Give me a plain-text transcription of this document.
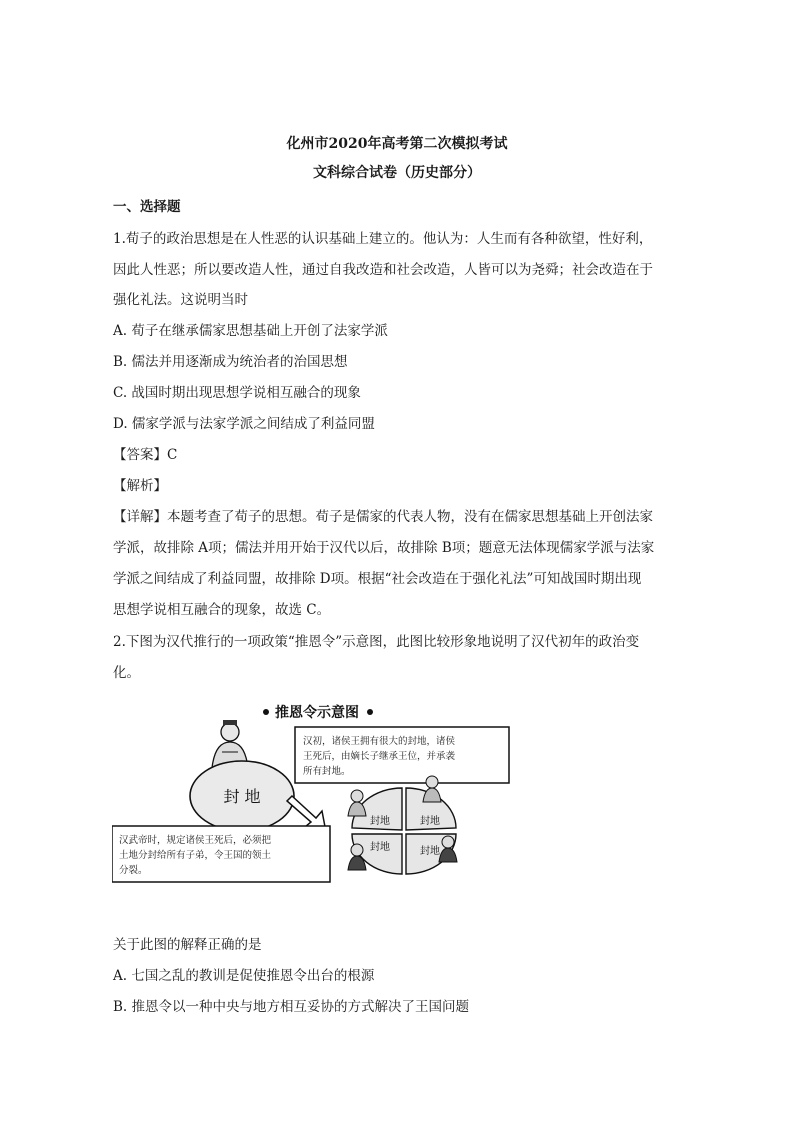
化州市2020年高考第二次模拟考试
文科综合试卷（历史部分）
一、选择题
1.荀子的政治思想是在人性恶的认识基础上建立的。他认为：人生而有各种欲望，性好利，
因此人性恶；所以要改造人性，通过自我改造和社会改造，人皆可以为尧舜；社会改造在于
强化礼法。这说明当时
A. 荀子在继承儒家思想基础上开创了法家学派
B. 儒法并用逐渐成为统治者的治国思想
C. 战国时期出现思想学说相互融合的现象
D. 儒家学派与法家学派之间结成了利益同盟
【答案】C
【解析】
【详解】本题考查了荀子的思想。荀子是儒家的代表人物，没有在儒家思想基础上开创法家
学派，故排除 A项；儒法并用开始于汉代以后，故排除 B项；题意无法体现儒家学派与法家
学派之间结成了利益同盟，故排除 D项。根据“社会改造在于强化礼法”可知战国时期出现
思想学说相互融合的现象，故选 C。
2.下图为汉代推行的一项政策“推恩令”示意图，此图比较形象地说明了汉代初年的政治变
化。
推恩令示意图
汉初，诸侯王拥有很大的封地，诸侯
王死后，由嫡长子继承王位，并承袭
所有封地。
封 地
封地	封地
封地	封地
汉武帝时，规定诸侯王死后，必须把
土地分封给所有子弟，令王国的领土
分裂。
关于此图的解释正确的是
A. 七国之乱的教训是促使推恩令出台的根源
B. 推恩令以一种中央与地方相互妥协的方式解决了王国问题
